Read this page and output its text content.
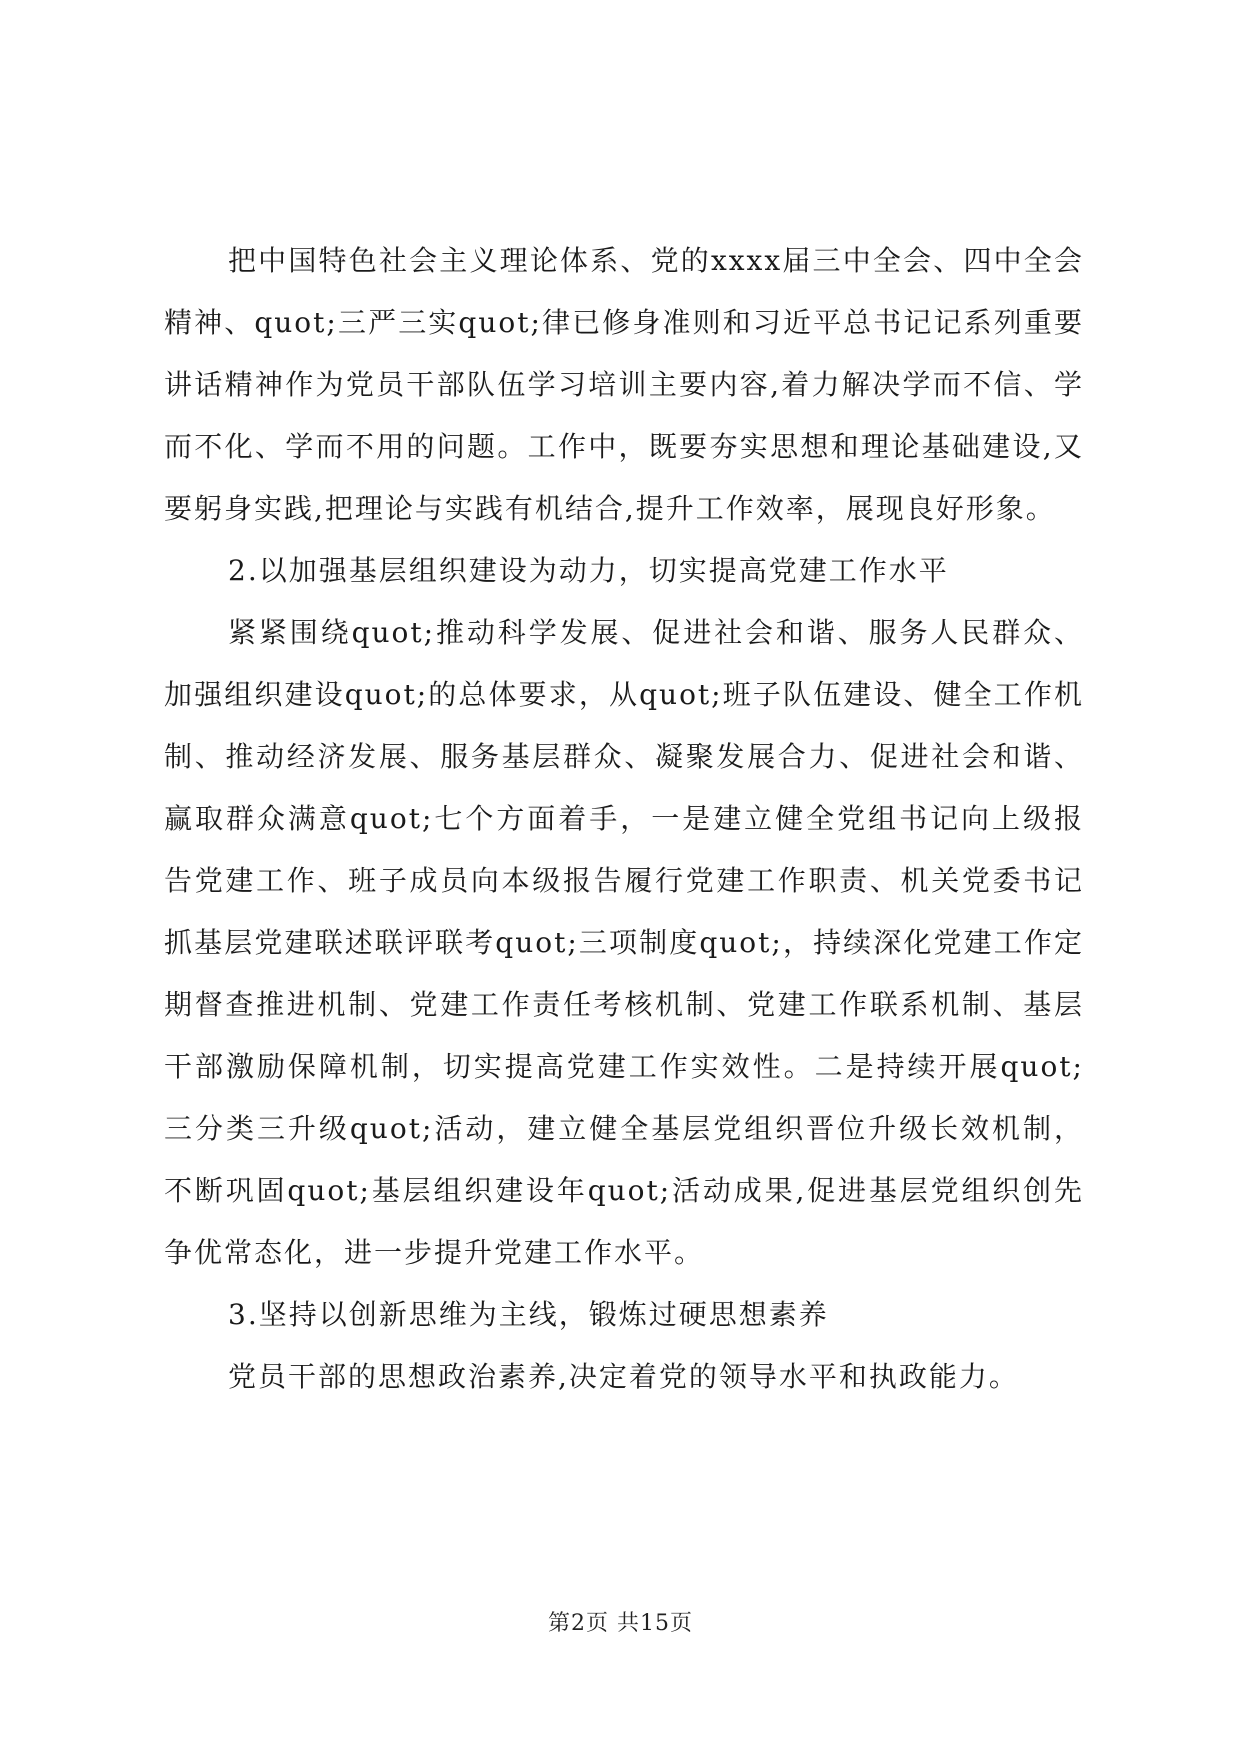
把中国特色社会主义理论体系、党的xxxx届三中全会、四中全会精神、quot;三严三实quot;律已修身准则和习近平总书记记系列重要讲话精神作为党员干部队伍学习培训主要内容,着力解决学而不信、学而不化、学而不用的问题。工作中，既要夯实思想和理论基础建设,又要躬身实践,把理论与实践有机结合,提升工作效率，展现良好形象。

2.以加强基层组织建设为动力，切实提高党建工作水平

紧紧围绕quot;推动科学发展、促进社会和谐、服务人民群众、加强组织建设quot;的总体要求，从quot;班子队伍建设、健全工作机制、推动经济发展、服务基层群众、凝聚发展合力、促进社会和谐、赢取群众满意quot;七个方面着手，一是建立健全党组书记向上级报告党建工作、班子成员向本级报告履行党建工作职责、机关党委书记抓基层党建联述联评联考quot;三项制度quot;，持续深化党建工作定期督查推进机制、党建工作责任考核机制、党建工作联系机制、基层干部激励保障机制，切实提高党建工作实效性。二是持续开展quot;三分类三升级quot;活动，建立健全基层党组织晋位升级长效机制，不断巩固quot;基层组织建设年quot;活动成果,促进基层党组织创先争优常态化，进一步提升党建工作水平。

3.坚持以创新思维为主线，锻炼过硬思想素养

党员干部的思想政治素养,决定着党的领导水平和执政能力。

第2页 共15页
